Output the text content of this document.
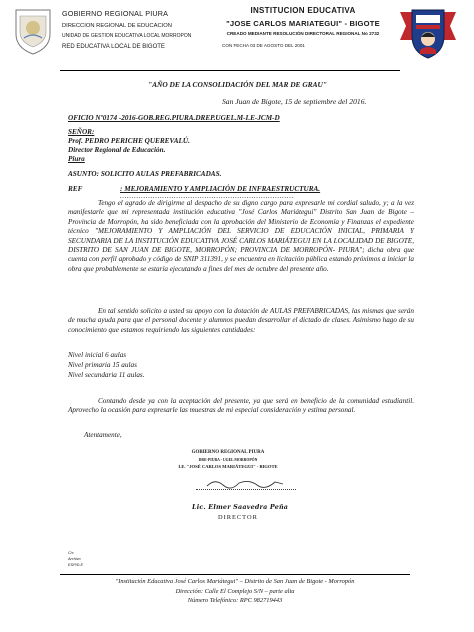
GOBIERNO REGIONAL PIURA
DIRECCION REGIONAL DE EDUCACION
UNIDAD DE GESTION EDUCATIVA LOCAL MORROPON
RED EDUCATIVA LOCAL DE BIGOTE
INSTITUCION EDUCATIVA
"JOSE CARLOS MARIATEGUI" - BIGOTE
CREADO MEDIANTE RESOLUCIÓN DIRECTORAL REGIONAL No 2732
CON FECHA 03 DE AGOSTO DEL 2001
"AÑO DE LA CONSOLIDACIÓN DEL MAR DE GRAU"
San Juan de Bigote, 15 de septiembre del 2016.
OFICIO Nº0174 -2016-GOB.REG.PIURA.DREP.UGEL.M-I.E-JCM-D
SEÑOR:
Prof. PEDRO PERICHE QUEREVALÚ.
Director Regional de Educación.
Piura
ASUNTO: SOLICITO AULAS PREFABRICADAS.
REF	: MEJORAMIENTO Y AMPLIACIÓN DE INFRAESTRUCTURA.
..........................................................................
Tengo el agrado de dirigirme al despacho de su digno cargo para expresarle mi cordial saludo, y; a la vez manifestarle que mi representada institución educativa "José Carlos Mariátegui" Distrito San Juan de Bigote – Provincia de Morropón, ha sido beneficiada con la aprobación del Ministerio de Economía y Finanzas el expediente técnico "MEJORAMIENTO Y AMPLIACIÓN DEL SERVICIO DE EDUCACIÓN INICIAL, PRIMARIA Y SECUNDARIA DE LA INSTITUCIÓN EDUCATIVA JOSÉ CARLOS MARIÁTEGUI EN LA LOCALIDAD DE BIGOTE, DISTRITO DE SAN JUAN DE BIGOTE, MORROPÓN; PROVINCIA DE MORROPÓN- PIURA"; dicha obra que cuenta con perfil aprobado y código de SNIP 311391, y se encuentra en licitación pública estando próximos a iniciar la obra que probablemente se estaría ejecutando a fines del mes de octubre del presente año.
En tal sentido solicito a usted su apoyo con la dotación de AULAS PREFABRICADAS, las mismas que serán de mucha ayuda para que el personal docente y alumnos puedan desarrollar el dictado de clases. Asimismo hago de su conocimiento que estamos requiriendo las siguientes cantidades:
Nivel inicial 6 aulas
Nivel primaria 15 aulas
Nivel secundaria 11 aulas.
Contando desde ya con la aceptación del presente, ya que será en beneficio de la comunidad estudiantil. Aprovecho la ocasión para expresarle las muestras de mi especial consideración y estima personal.
Atentamente,
GOBIERNO REGIONAL PIURA
DRE-PIURA - UGEL MORROPÓN
I.E. "JOSÉ CARLOS MARIÁTEGUI" - BIGOTE
Lic. Elmer Saavedra Peña
DIRECTOR
C/c
Archivo
ESP/D.E
"Institución Educativa José Carlos Mariátegui" – Distrito de San Juan de Bigote - Morropón
Dirección: Calle El Complejo S/N – parte alta
Número Telefónico: RPC 982719443
